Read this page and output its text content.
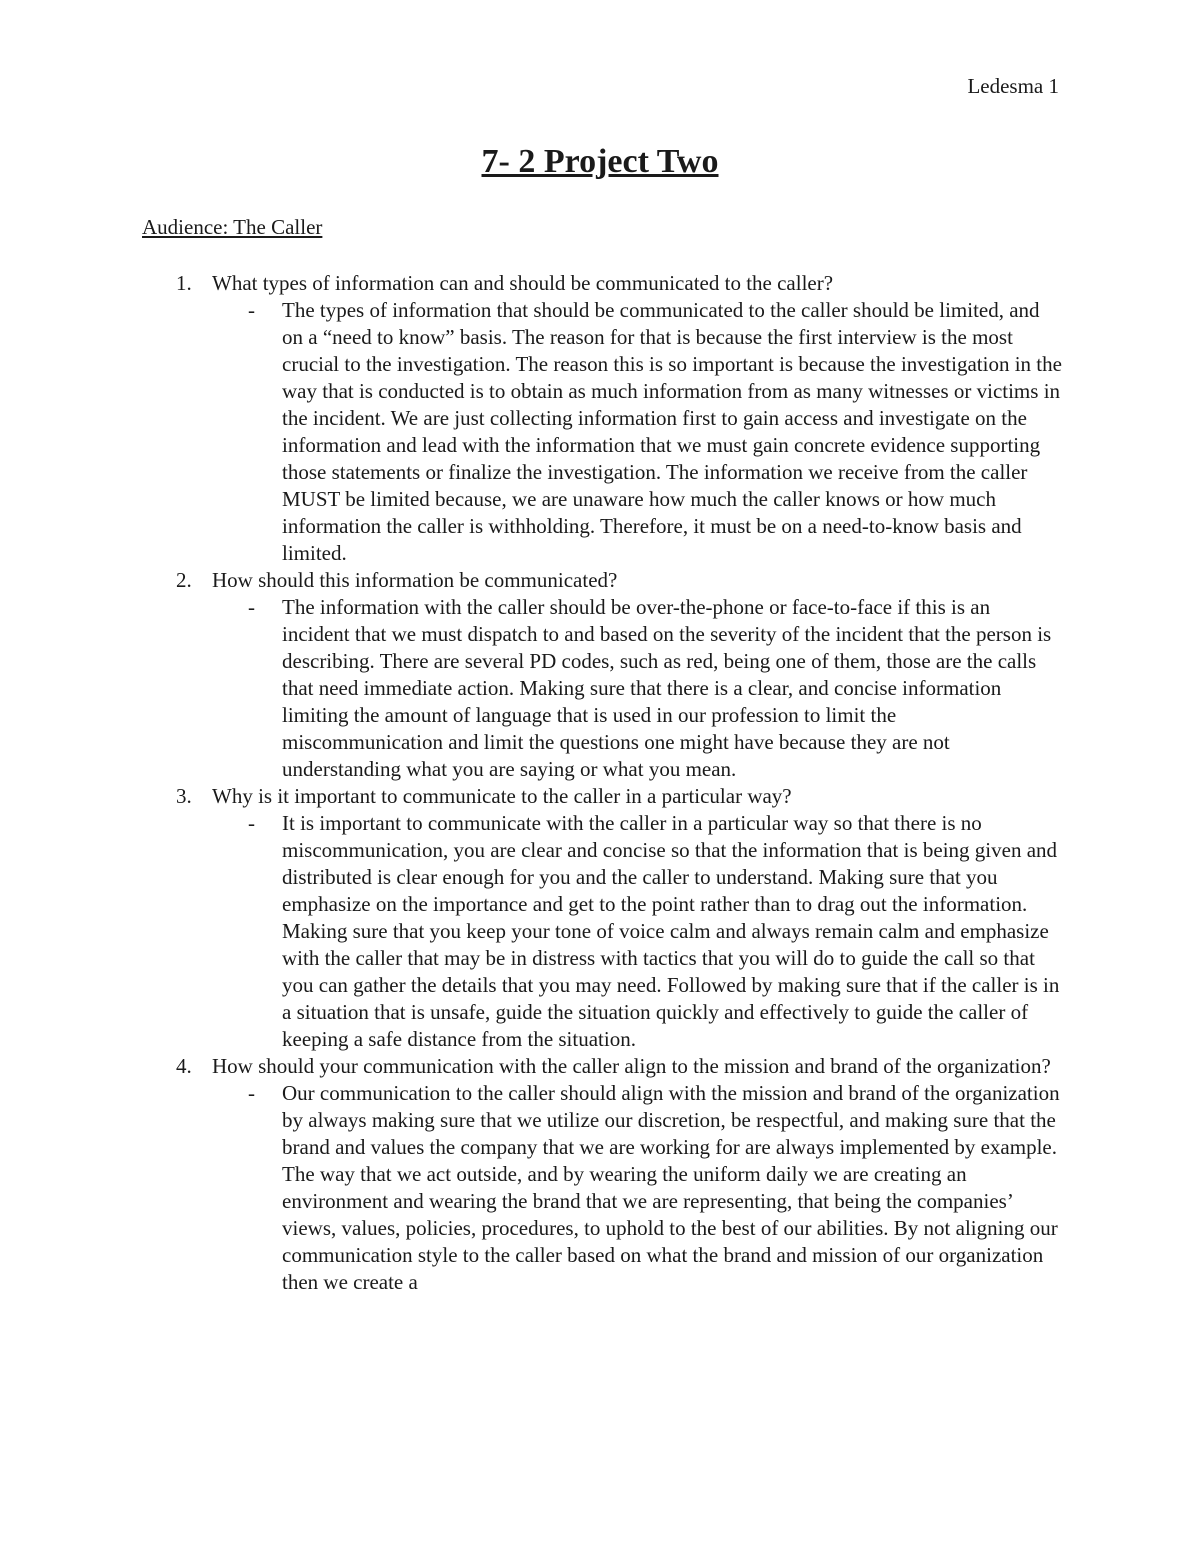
Ledesma 1
7- 2 Project Two
Audience: The Caller
1. What types of information can and should be communicated to the caller?
-	The types of information that should be communicated to the caller should be limited, and on a “need to know” basis. The reason for that is because the first interview is the most crucial to the investigation. The reason this is so important is because the investigation in the way that is conducted is to obtain as much information from as many witnesses or victims in the incident. We are just collecting information first to gain access and investigate on the information and lead with the information that we must gain concrete evidence supporting those statements or finalize the investigation. The information we receive from the caller MUST be limited because, we are unaware how much the caller knows or how much information the caller is withholding. Therefore, it must be on a need-to-know basis and limited.
2. How should this information be communicated?
-	The information with the caller should be over-the-phone or face-to-face if this is an incident that we must dispatch to and based on the severity of the incident that the person is describing. There are several PD codes, such as red, being one of them, those are the calls that need immediate action. Making sure that there is a clear, and concise information limiting the amount of language that is used in our profession to limit the miscommunication and limit the questions one might have because they are not understanding what you are saying or what you mean.
3. Why is it important to communicate to the caller in a particular way?
-	It is important to communicate with the caller in a particular way so that there is no miscommunication, you are clear and concise so that the information that is being given and distributed is clear enough for you and the caller to understand. Making sure that you emphasize on the importance and get to the point rather than to drag out the information. Making sure that you keep your tone of voice calm and always remain calm and emphasize with the caller that may be in distress with tactics that you will do to guide the call so that you can gather the details that you may need. Followed by making sure that if the caller is in a situation that is unsafe, guide the situation quickly and effectively to guide the caller of keeping a safe distance from the situation.
4. How should your communication with the caller align to the mission and brand of the organization?
-	Our communication to the caller should align with the mission and brand of the organization by always making sure that we utilize our discretion, be respectful, and making sure that the brand and values the company that we are working for are always implemented by example. The way that we act outside, and by wearing the uniform daily we are creating an environment and wearing the brand that we are representing, that being the companies’ views, values, policies, procedures, to uphold to the best of our abilities. By not aligning our communication style to the caller based on what the brand and mission of our organization then we create a
